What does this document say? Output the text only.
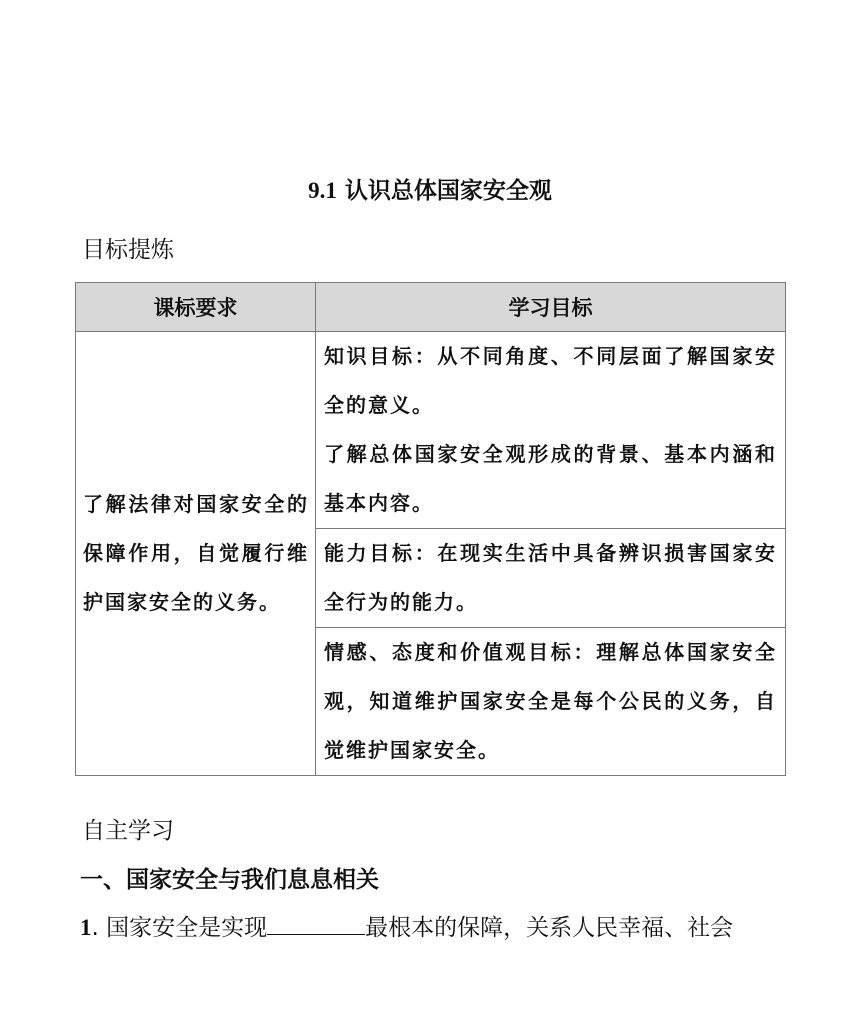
9.1 认识总体国家安全观
目标提炼
课标要求	学习目标

了解法律对国家安全的保障作用，自觉履行维护国家安全的义务。	知识目标：从不同角度、不同层面了解国家安全的意义。
了解总体国家安全观形成的背景、基本内涵和基本内容。

	能力目标：在现实生活中具备辨识损害国家安全行为的能力。

	情感、态度和价值观目标：理解总体国家安全观，知道维护国家安全是每个公民的义务，自觉维护国家安全。
自主学习
一、国家安全与我们息息相关
1. 国家安全是实现	最根本的保障，关系人民幸福、社会
